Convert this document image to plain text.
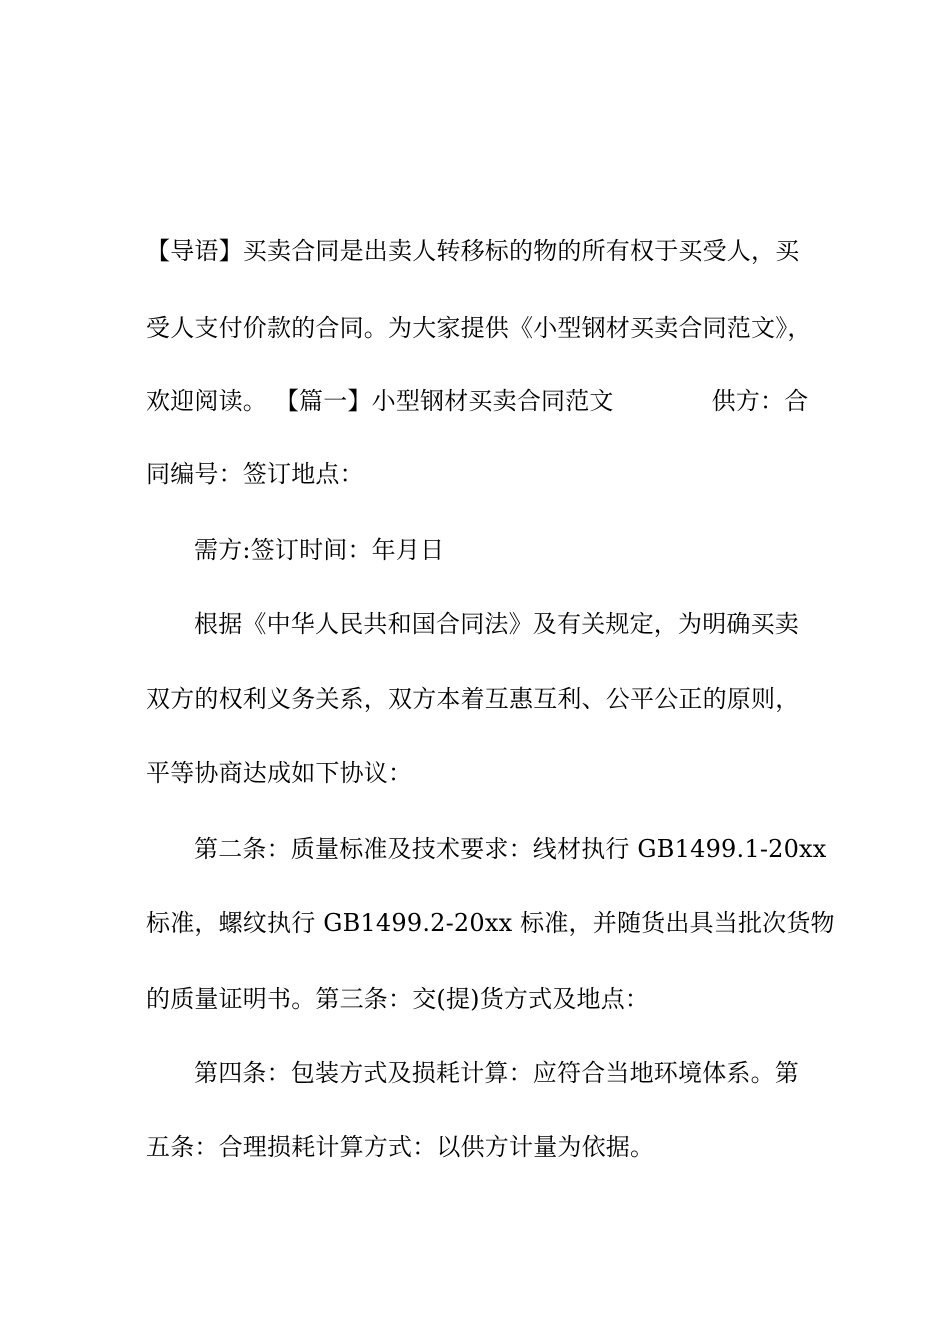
【导语】买卖合同是出卖人转移标的物的所有权于买受人，买
受人支付价款的合同。为大家提供《小型钢材买卖合同范文》，
欢迎阅读。 【篇一】小型钢材买卖合同范文	供方：合
同编号：签订地点：
需方:签订时间：年月日
根据《中华人民共和国合同法》及有关规定，为明确买卖
双方的权利义务关系，双方本着互惠互利、公平公正的原则，
平等协商达成如下协议：
第二条：质量标准及技术要求：线材执行 GB1499.1-20xx
标准，螺纹执行 GB1499.2-20xx 标准，并随货出具当批次货物
的质量证明书。第三条：交(提)货方式及地点：
第四条：包装方式及损耗计算：应符合当地环境体系。第
五条：合理损耗计算方式：以供方计量为依据。
